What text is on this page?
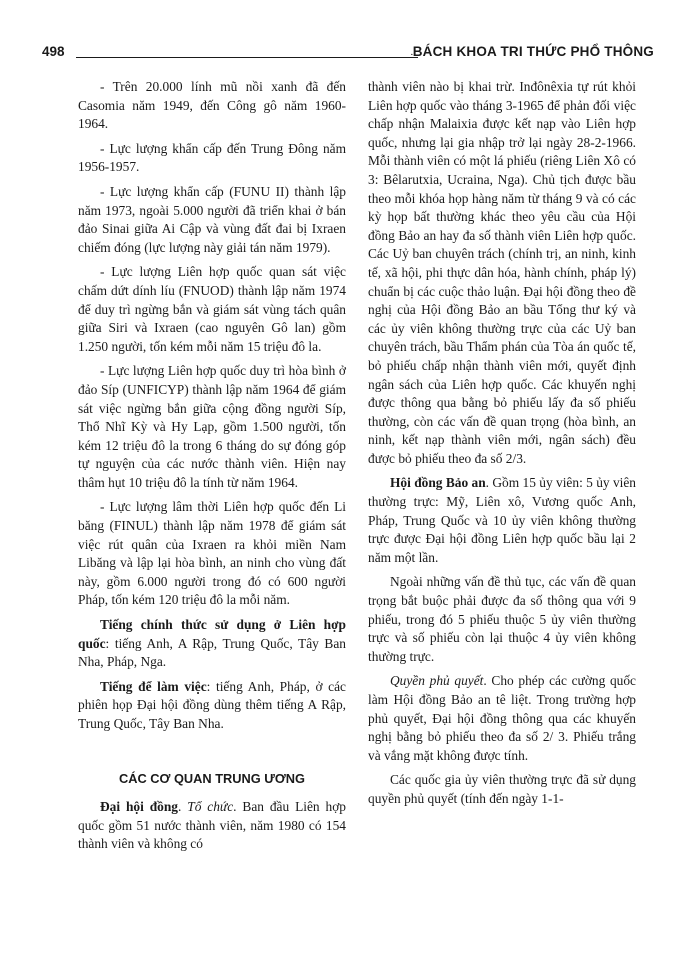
498	· BÁCH KHOA TRI THỨC PHỔ THÔNG

- Trên 20.000 lính mũ nồi xanh đã đến Casomia năm 1949, đến Công gô năm 1960-1964.

- Lực lượng khẩn cấp đến Trung Đông năm 1956-1957.

- Lực lượng khẩn cấp (FUNU II) thành lập năm 1973, ngoài 5.000 người đã triển khai ở bán đảo Sinai giữa Ai Cập và vùng đất đai bị Ixraen chiếm đóng (lực lượng này giải tán năm 1979).

- Lực lượng Liên hợp quốc quan sát việc chấm dứt dính líu (FNUOD) thành lập năm 1974 để duy trì ngừng bắn và giám sát vùng tách quân giữa Siri và Ixraen (cao nguyên Gô lan) gồm 1.250 người, tốn kém mỗi năm 15 triệu đô la.

- Lực lượng Liên hợp quốc duy trì hòa bình ở đảo Síp (UNFICYP) thành lập năm 1964 để giám sát việc ngừng bắn giữa cộng đồng người Síp, Thổ Nhĩ Kỳ và Hy Lạp, gồm 1.500 người, tốn kém 12 triệu đô la trong 6 tháng do sự đóng góp tự nguyện của các nước thành viên. Hiện nay thâm hụt 10 triệu đô la tính từ năm 1964.

- Lực lượng lâm thời Liên hợp quốc đến Li băng (FINUL) thành lập năm 1978 để giám sát việc rút quân của Ixraen ra khỏi miền Nam Libăng và lập lại hòa bình, an ninh cho vùng đất này, gồm 6.000 người trong đó có 600 người Pháp, tốn kém 120 triệu đô la mỗi năm.

Tiếng chính thức sử dụng ở Liên hợp quốc: tiếng Anh, A Rập, Trung Quốc, Tây Ban Nha, Pháp, Nga.

Tiếng để làm việc: tiếng Anh, Pháp, ở các phiên họp Đại hội đồng dùng thêm tiếng A Rập, Trung Quốc, Tây Ban Nha.

CÁC CƠ QUAN TRUNG ƯƠNG

Đại hội đồng. Tổ chức. Ban đầu Liên hợp quốc gồm 51 nước thành viên, năm 1980 có 154 thành viên và không có

thành viên nào bị khai trừ. Inđônêxia tự rút khỏi Liên hợp quốc vào tháng 3-1965 để phản đối việc chấp nhận Malaixia được kết nạp vào Liên hợp quốc, nhưng lại gia nhập trở lại ngày 28-2-1966. Mỗi thành viên có một lá phiếu (riêng Liên Xô có 3: Bêlarutxia, Ucraina, Nga). Chủ tịch được bầu theo mỗi khóa họp hàng năm từ tháng 9 và có các kỳ họp bất thường khác theo yêu cầu của Hội đồng Bảo an hay đa số thành viên Liên hợp quốc. Các Uỷ ban chuyên trách (chính trị, an ninh, kinh tế, xã hội, phi thực dân hóa, hành chính, pháp lý) chuẩn bị các cuộc thảo luận. Đại hội đồng theo đề nghị của Hội đồng Bảo an bầu Tổng thư ký và các ủy viên không thường trực của các Uỷ ban chuyên trách, bầu Thẩm phán của Tòa án quốc tế, bỏ phiếu chấp nhận thành viên mới, quyết định ngân sách của Liên hợp quốc. Các khuyến nghị được thông qua bằng bỏ phiếu lấy đa số phiếu thường, còn các vấn đề quan trọng (hòa bình, an ninh, kết nạp thành viên mới, ngân sách) đều được bỏ phiếu theo đa số 2/3.

Hội đồng Bảo an. Gồm 15 ủy viên: 5 ủy viên thường trực: Mỹ, Liên xô, Vương quốc Anh, Pháp, Trung Quốc và 10 ủy viên không thường trực được Đại hội đồng Liên hợp quốc bầu lại 2 năm một lần.

Ngoài những vấn đề thủ tục, các vấn đề quan trọng bắt buộc phải được đa số thông qua với 9 phiếu, trong đó 5 phiếu thuộc 5 ủy viên thường trực và số phiếu còn lại thuộc 4 ủy viên không thường trực.

Quyền phủ quyết. Cho phép các cường quốc làm Hội đồng Bảo an tê liệt. Trong trường hợp phủ quyết, Đại hội đồng thông qua các khuyến nghị bằng bỏ phiếu theo đa số 2/ 3. Phiếu trắng và vắng mặt không được tính.

Các quốc gia ủy viên thường trực đã sử dụng quyền phủ quyết (tính đến ngày 1-1-
